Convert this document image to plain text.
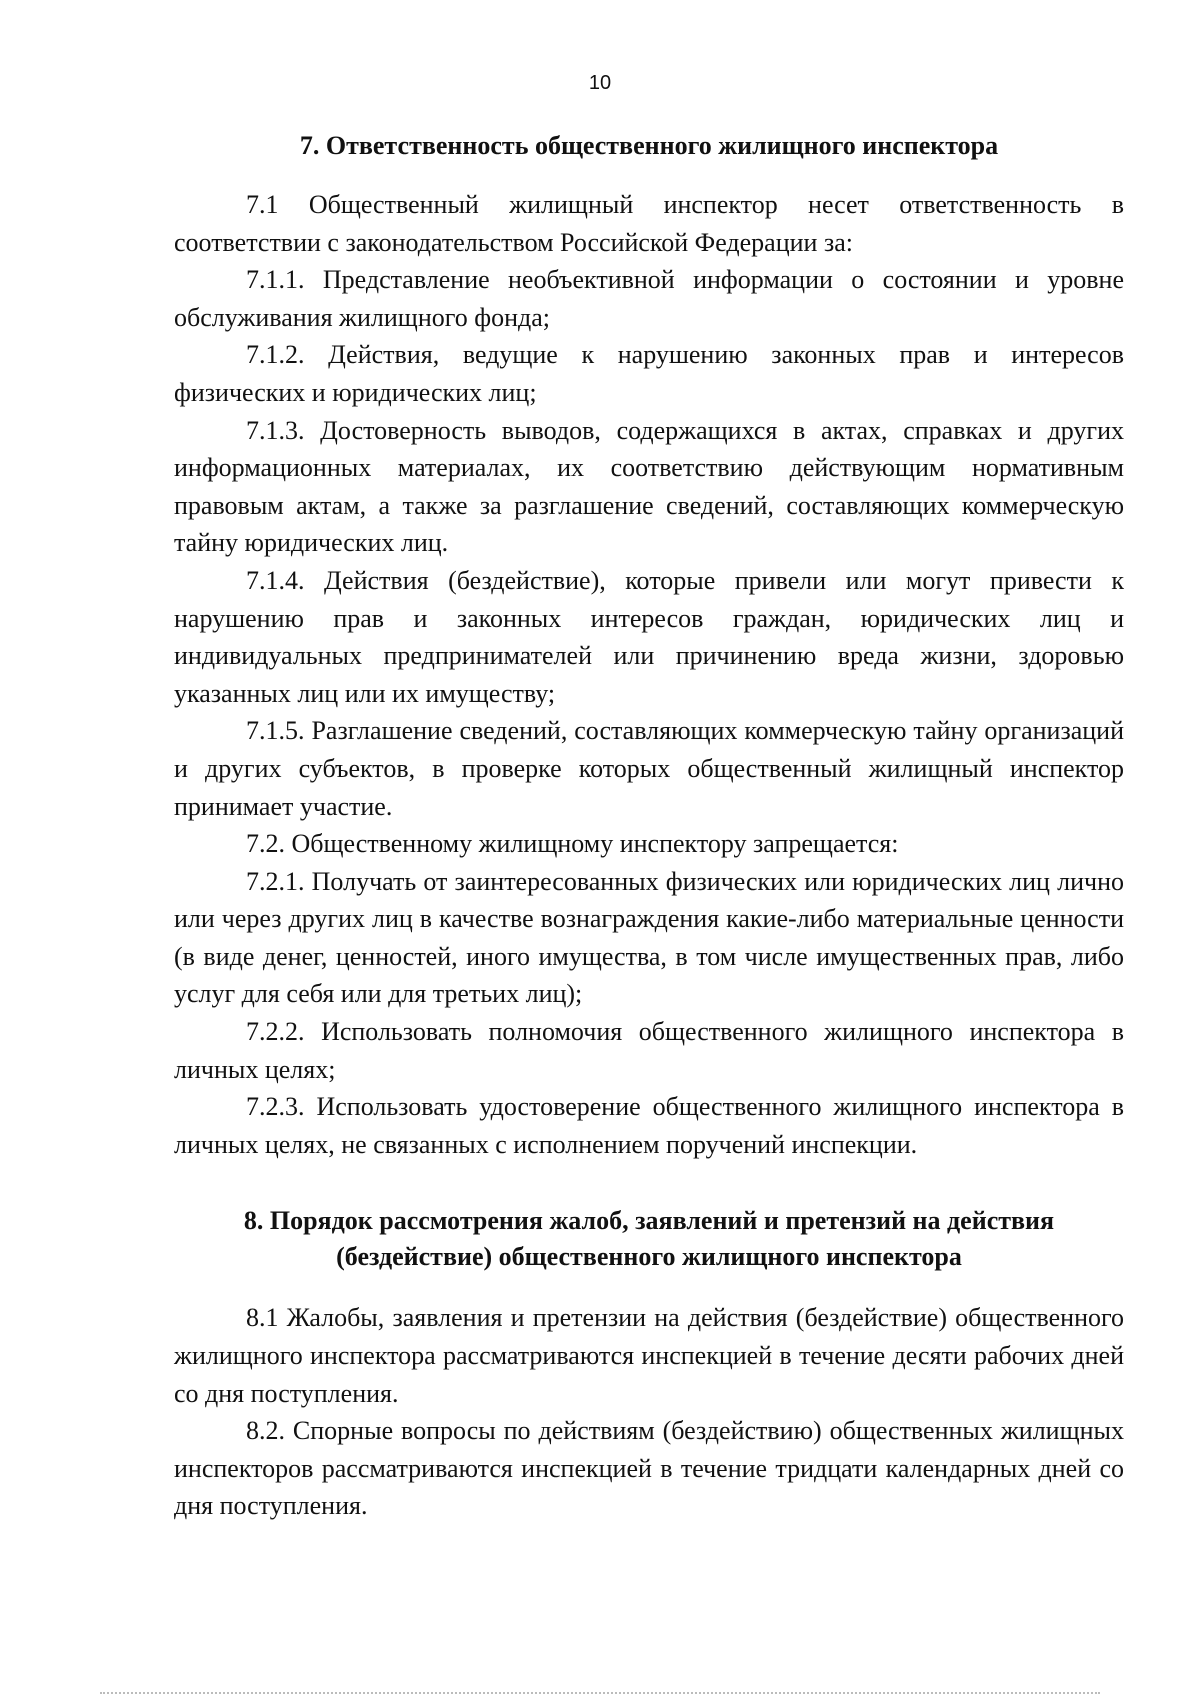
10
7. Ответственность общественного жилищного инспектора

7.1 Общественный жилищный инспектор несет ответственность в соответствии с законодательством Российской Федерации за:

7.1.1. Представление необъективной информации о состоянии и уровне обслуживания жилищного фонда;

7.1.2. Действия, ведущие к нарушению законных прав и интересов физических и юридических лиц;

7.1.3. Достоверность выводов, содержащихся в актах, справках и других информационных материалах, их соответствию действующим нормативным правовым актам, а также за разглашение сведений, составляющих коммерческую тайну юридических лиц.

7.1.4. Действия (бездействие), которые привели или могут привести к нарушению прав и законных интересов граждан, юридических лиц и индивидуальных предпринимателей или причинению вреда жизни, здоровью указанных лиц или их имуществу;

7.1.5. Разглашение сведений, составляющих коммерческую тайну организаций и других субъектов, в проверке которых общественный жилищный инспектор принимает участие.

7.2. Общественному жилищному инспектору запрещается:

7.2.1. Получать от заинтересованных физических или юридических лиц лично или через других лиц в качестве вознаграждения какие-либо материальные ценности (в виде денег, ценностей, иного имущества, в том числе имущественных прав, либо услуг для себя или для третьих лиц);

7.2.2. Использовать полномочия общественного жилищного инспектора в личных целях;

7.2.3. Использовать удостоверение общественного жилищного инспектора в личных целях, не связанных с исполнением поручений инспекции.

8. Порядок рассмотрения жалоб, заявлений и претензий на действия
(бездействие) общественного жилищного инспектора

8.1 Жалобы, заявления и претензии на действия (бездействие) общественного жилищного инспектора рассматриваются инспекцией в течение десяти рабочих дней со дня поступления.

8.2. Спорные вопросы по действиям (бездействию) общественных жилищных инспекторов рассматриваются инспекцией в течение тридцати календарных дней со дня поступления.
